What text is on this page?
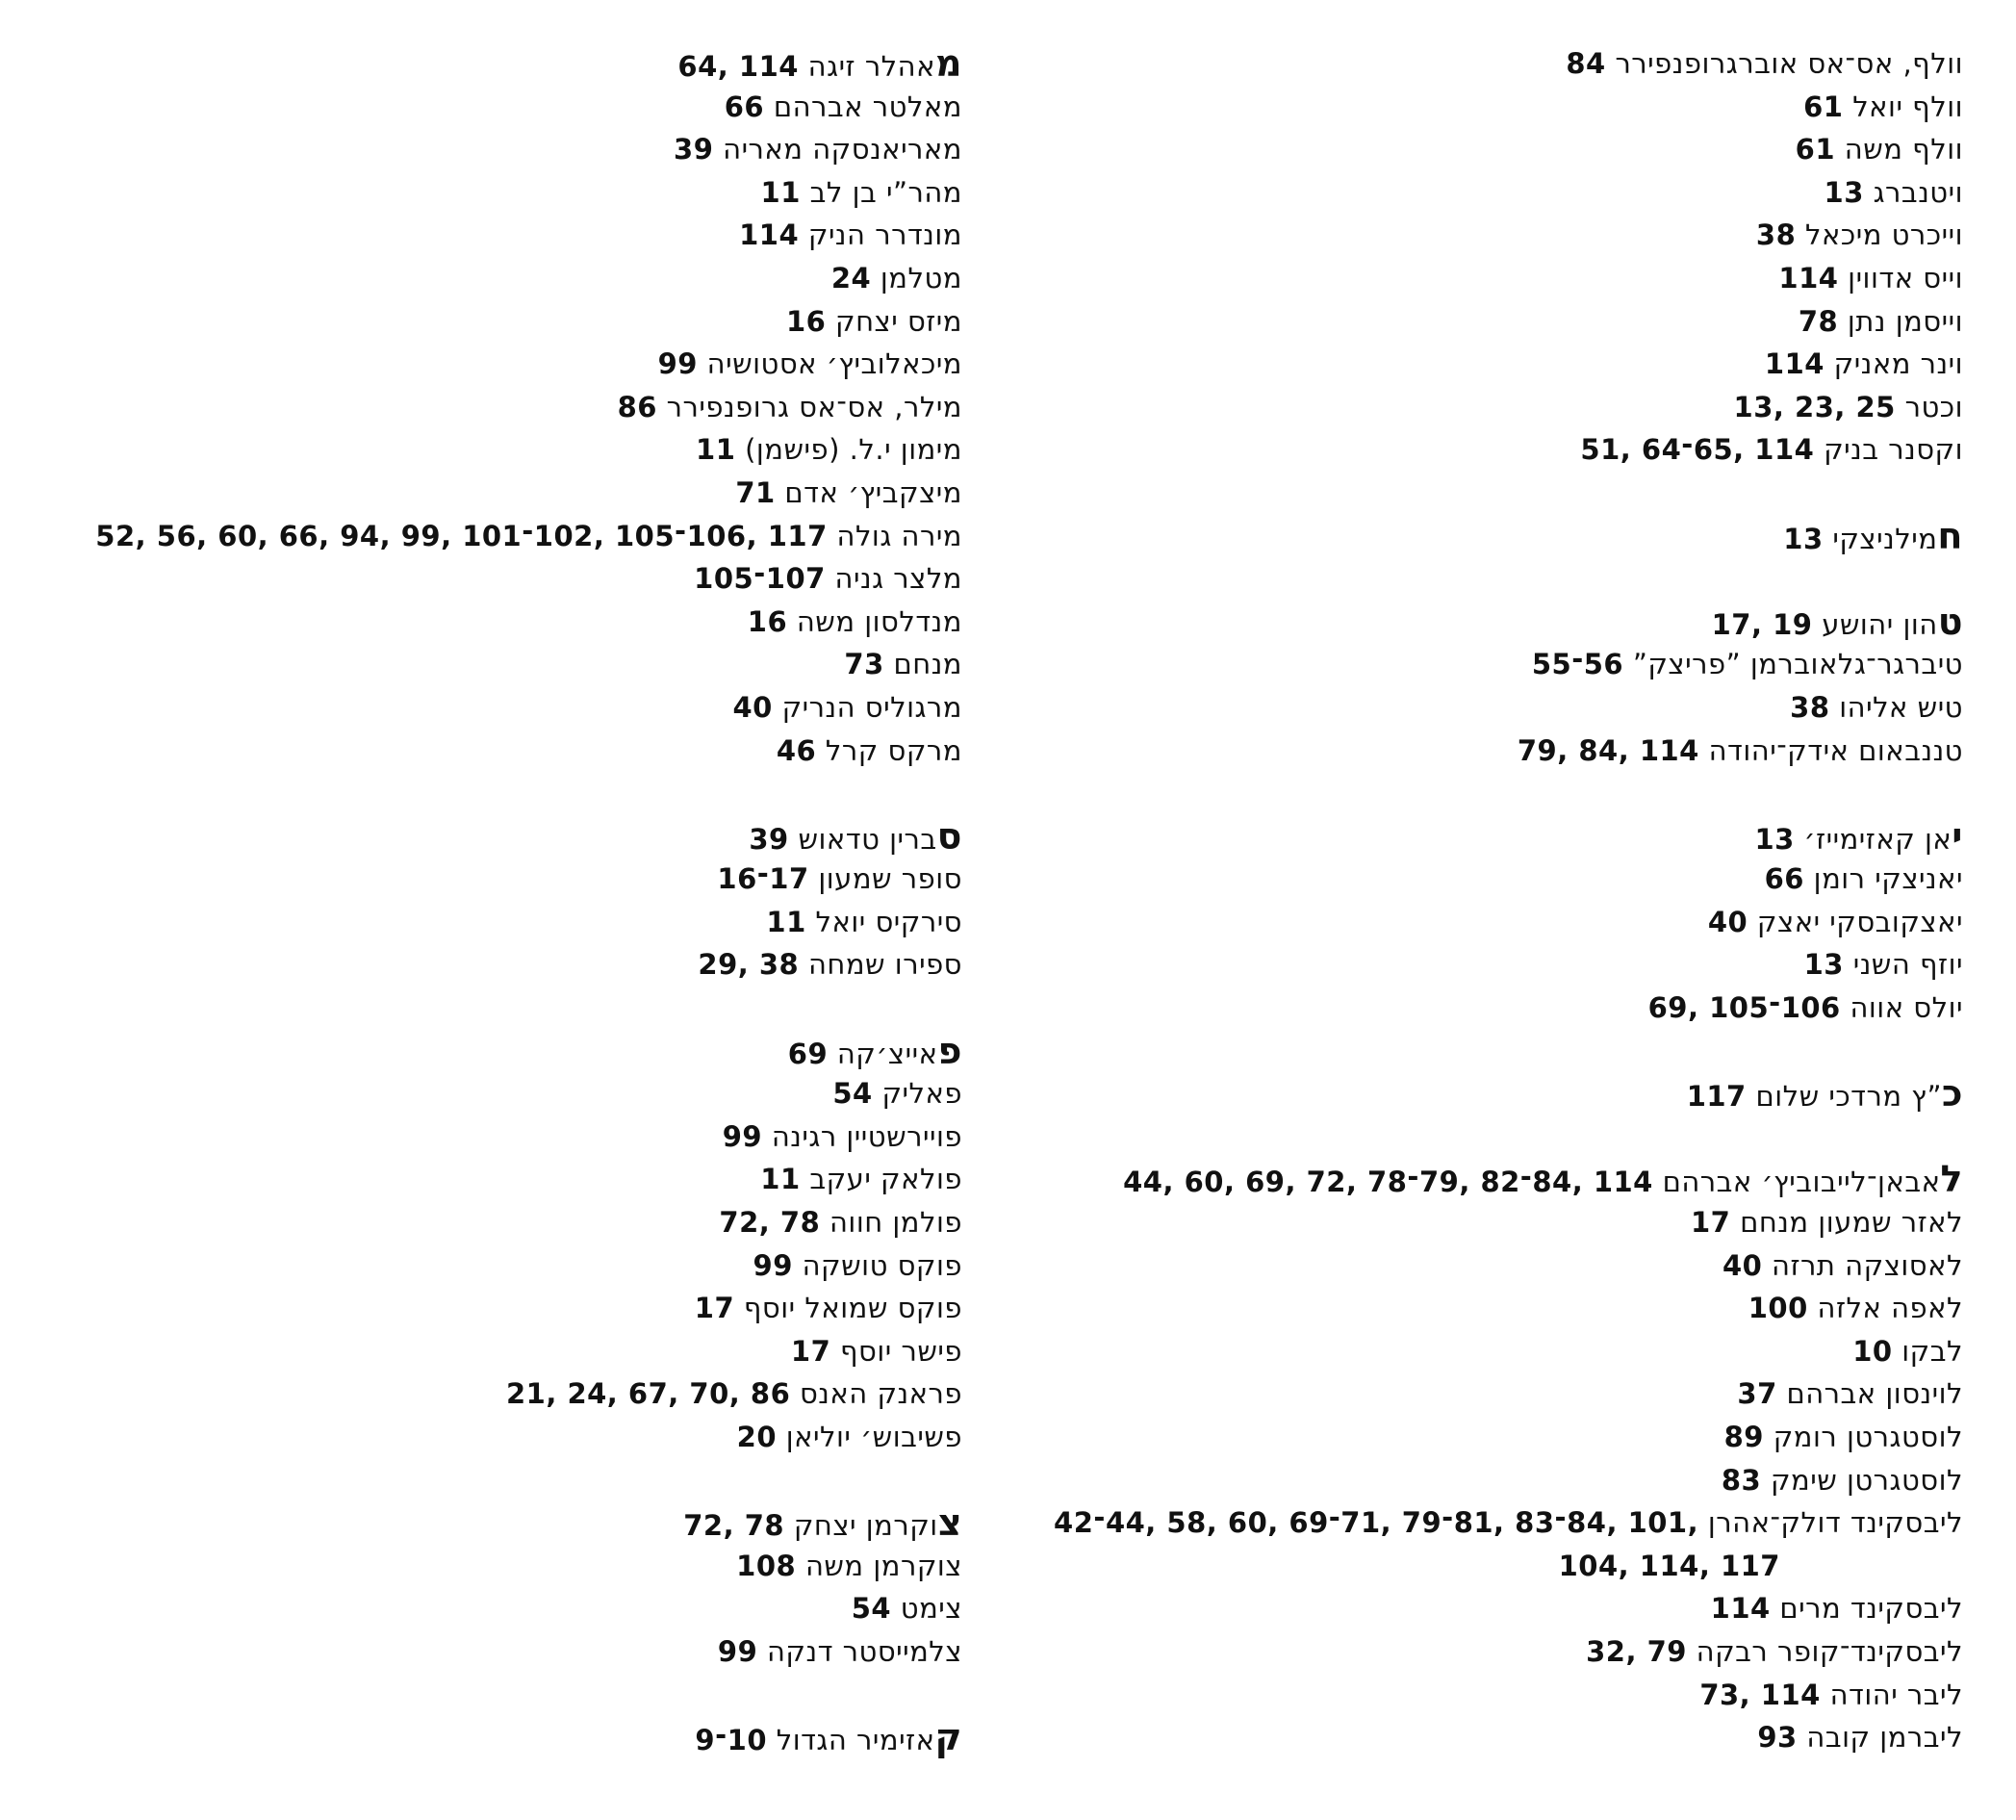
וולף, אס־אס אוברגרופנפירר 84
וולף יואל 61
וולף משה 61
ויטנברג 13
וייכרט מיכאל 38
וייס אדווין 114
וייסמן נתן 78
וינר מאניק 114
וכטר 25 ,23 ,13
וקסנר בניק 114 ,65־64 ,51
חמילניצקי 13
טהון יהושע 19 ,17
טיברגר־גלאוברמן ”פריצק” 56־55
טיש אליהו 38
טננבאום אידק־יהודה 114 ,84 ,79
יאן קאזימייז׳ 13
יאניצקי רומן 66
יאצקובסקי יאצק 40
יוזף השני 13
יולס אווה 106־105 ,69
כ”ץ מרדכי שלום 117
לאבאן־לייבוביץ׳ אברהם 114 ,84־82 ,79־78 ,72 ,69 ,60 ,44
לאזר שמעון מנחם 17
לאסוצקה תרזה 40
לאפה אלזה 100
לבקו 10
לוינסון אברהם 37
לוסטגרטן רומק 89
לוסטגרטן שימק 83
ליבסקינד דולק־אהרן ,101 ,84־83 ,81־79 ,71־69 ,60 ,58 ,44־42
117 ,114 ,104
ליבסקינד מרים 114
ליבסקינד־קופר רבקה 79 ,32
ליבר יהודה 114 ,73
ליברמן קובה 93
מאהלר זיגה 114 ,64
מאלטר אברהם 66
מאריאנסקה מאריה 39
מהר”י בן לב 11
מונדרר הניק 114
מטלמן 24
מיזס יצחק 16
מיכאלוביץ׳ אסטושיה 99
מילר, אס־אס גרופנפירר 86
מימון י.ל. (פישמן) 11
מיצקביץ׳ אדם 71
מירה גולה 117 ,106־105 ,102־101 ,99 ,94 ,66 ,60 ,56 ,52
מלצר גניה 107־105
מנדלסון משה 16
מנחם 73
מרגוליס הנריק 40
מרקס קרל 46
סברין טדאוש 39
סופר שמעון 17־16
סירקיס יואל 11
ספירו שמחה 38 ,29
פאייצ׳קה 69
פאליק 54
פויירשטיין רגינה 99
פולאק יעקב 11
פולמן חווה 78 ,72
פוקס טושקה 99
פוקס שמואל יוסף 17
פישר יוסף 17
פראנק האנס 86 ,70 ,67 ,24 ,21
פשיבוש׳ יוליאן 20
צוקרמן יצחק 78 ,72
צוקרמן משה 108
צימט 54
צלמייסטר דנקה 99
קאזימיר הגדול 10־9
